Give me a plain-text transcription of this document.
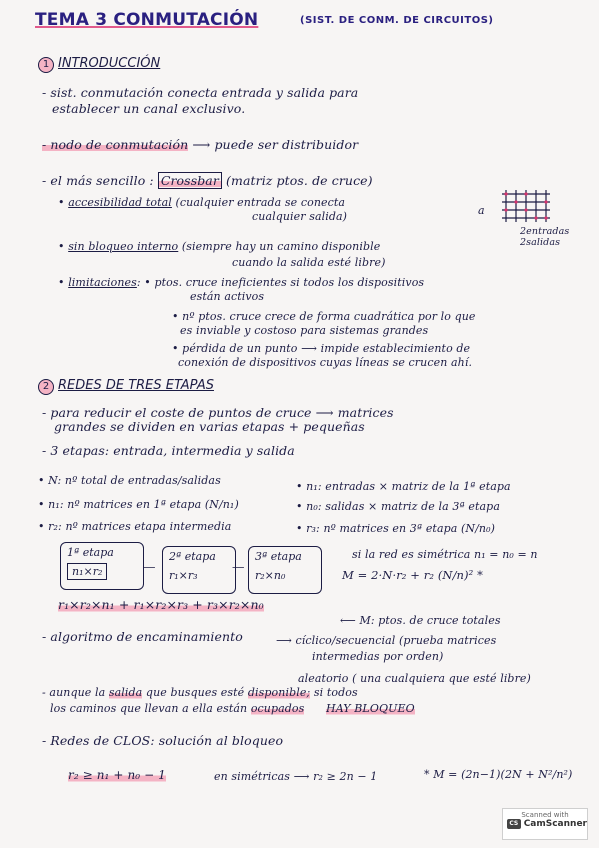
TEMA 3 CONMUTACIÓN	(SIST. DE CONM. DE CIRCUITOS)
1 INTRODUCCIÓN
- sist. conmutación conecta entrada y salida para
establecer un canal exclusivo.
- nodo de conmutación ⟶ puede ser distribuidor
- el más sencillo : Crossbar (matriz ptos. de cruce)
• accesibilidad total (cualquier entrada se conecta
cualquier salida)	a
2entradas
2salidas
• sin bloqueo interno (siempre hay un camino disponible
cuando la salida esté libre)
• limitaciones: • ptos. cruce ineficientes si todos los dispositivos
están activos
• nº ptos. cruce crece de forma cuadrática por lo que
es inviable y costoso para sistemas grandes
• pérdida de un punto ⟶ impide establecimiento de
conexión de dispositivos cuyas líneas se crucen ahí.
2 REDES DE TRES ETAPAS
- para reducir el coste de puntos de cruce ⟶ matrices
grandes se dividen en varias etapas + pequeñas
- 3 etapas: entrada, intermedia y salida
• N: nº total de entradas/salidas
• n₁: nº matrices en 1ª etapa (N/n₁)
• r₂: nº matrices etapa intermedia
• n₁: entradas × matriz de la 1ª etapa
• n₀: salidas × matriz de la 3ª etapa
• r₃: nº matrices en 3ª etapa (N/n₀)
1ª etapa
n₁×r₂	—
2ª etapa
r₁×r₃
—
3ª etapa
r₂×n₀
si la red es simétrica n₁ = n₀ = n
M = 2·N·r₂ + r₂ (N/n)² *
r₁×r₂×n₁ + r₁×r₂×r₃ + r₃×r₂×n₀
⟵ M: ptos. de cruce totales
- algoritmo de encaminamiento	⟶ cíclico/secuencial (prueba matrices
intermedias por orden)
aleatorio ( una cualquiera que esté libre)
- aunque la salida que busques esté disponible; si todos
los caminos que llevan a ella están ocupados HAY BLOQUEO
- Redes de CLOS: solución al bloqueo
r₂ ≥ n₁ + n₀ − 1	en simétricas ⟶ r₂ ≥ 2n − 1	* M = (2n−1)(2N + N²/n²)
Scanned with
CS CamScanner
